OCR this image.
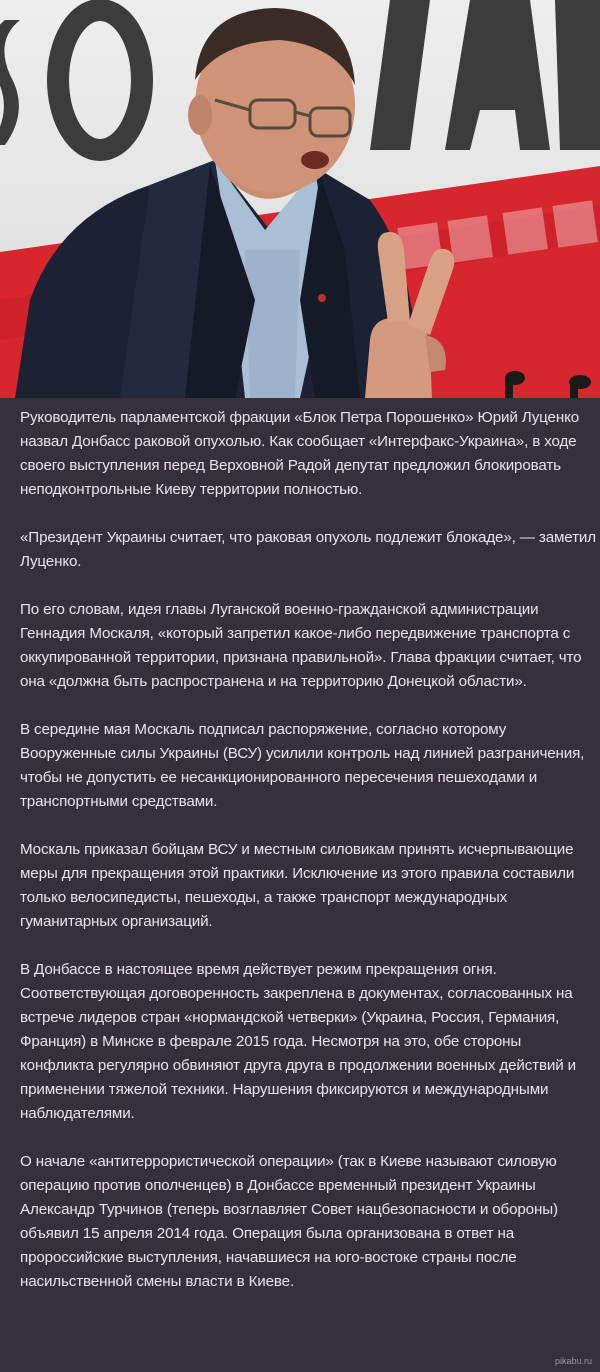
Руководитель парламентской фракции «Блок Петра Порошенко» Юрий Луценко назвал Донбасс раковой опухолью. Как сообщает «Интерфакс-Украина», в ходе своего выступления перед Верховной Радой депутат предложил блокировать неподконтрольные Киеву территории полностью.

«Президент Украины считает, что раковая опухоль подлежит блокаде», — заметил Луценко.

По его словам, идея главы Луганской военно-гражданской администрации Геннадия Москаля, «который запретил какое-либо передвижение транспорта с оккупированной территории, признана правильной». Глава фракции считает, что она «должна быть распространена и на территорию Донецкой области».

В середине мая Москаль подписал распоряжение, согласно которому Вооруженные силы Украины (ВСУ) усилили контроль над линией разграничения, чтобы не допустить ее несанкционированного пересечения пешеходами и транспортными средствами.

Москаль приказал бойцам ВСУ и местным силовикам принять исчерпывающие меры для прекращения этой практики. Исключение из этого правила составили только велосипедисты, пешеходы, а также транспорт международных гуманитарных организаций.

В Донбассе в настоящее время действует режим прекращения огня. Соответствующая договоренность закреплена в документах, согласованных на встрече лидеров стран «нормандской четверки» (Украина, Россия, Германия, Франция) в Минске в феврале 2015 года. Несмотря на это, обе стороны конфликта регулярно обвиняют друга друга в продолжении военных действий и применении тяжелой техники. Нарушения фиксируются и международными наблюдателями.

О начале «антитеррористической операции» (так в Киеве называют силовую операцию против ополченцев) в Донбассе временный президент Украины Александр Турчинов (теперь возглавляет Совет нацбезопасности и обороны) объявил 15 апреля 2014 года. Операция была организована в ответ на пророссийские выступления, начавшиеся на юго-востоке страны после насильственной смены власти в Киеве.

pikabu.ru
